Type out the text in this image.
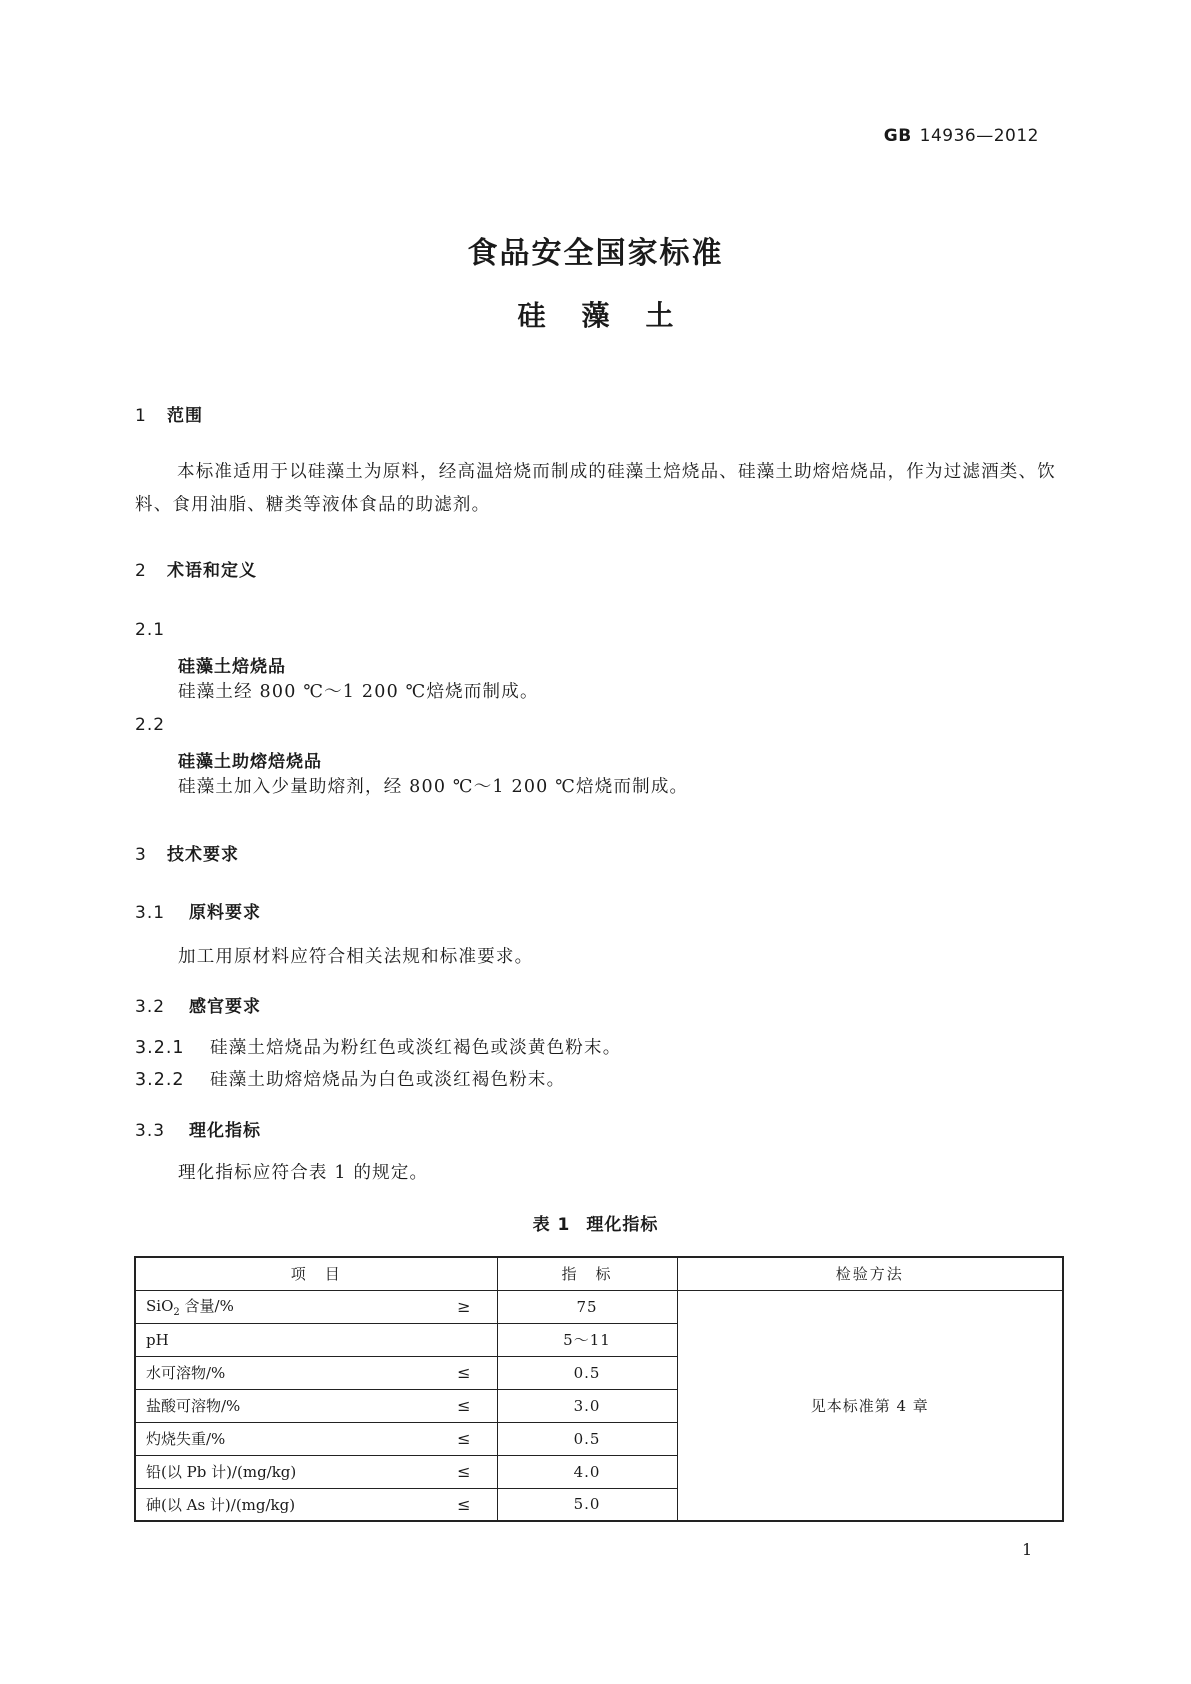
GB 14936—2012
食品安全国家标准
硅藻土
1 范围
本标准适用于以硅藻土为原料，经高温焙烧而制成的硅藻土焙烧品、硅藻土助熔焙烧品，作为过滤酒类、饮料、食用油脂、糖类等液体食品的助滤剂。
2 术语和定义
2.1
硅藻土焙烧品
硅藻土经 800 ℃～1 200 ℃焙烧而制成。
2.2
硅藻土助熔焙烧品
硅藻土加入少量助熔剂，经 800 ℃～1 200 ℃焙烧而制成。
3 技术要求
3.1 原料要求
加工用原材料应符合相关法规和标准要求。
3.2 感官要求
3.2.1 硅藻土焙烧品为粉红色或淡红褐色或淡黄色粉末。
3.2.2 硅藻土助熔焙烧品为白色或淡红褐色粉末。
3.3 理化指标
理化指标应符合表 1 的规定。
表 1 理化指标
项　目	指　标	检验方法
SiO$_2$ 含量/% ≥	75	见本标准第 4 章
pH	5～11	
水可溶物/% ≤	0.5	
盐酸可溶物/% ≤	3.0	
灼烧失重/% ≤	0.5	
铅(以 Pb 计)/(mg/kg) ≤	4.0	
砷(以 As 计)/(mg/kg) ≤	5.0	
1
